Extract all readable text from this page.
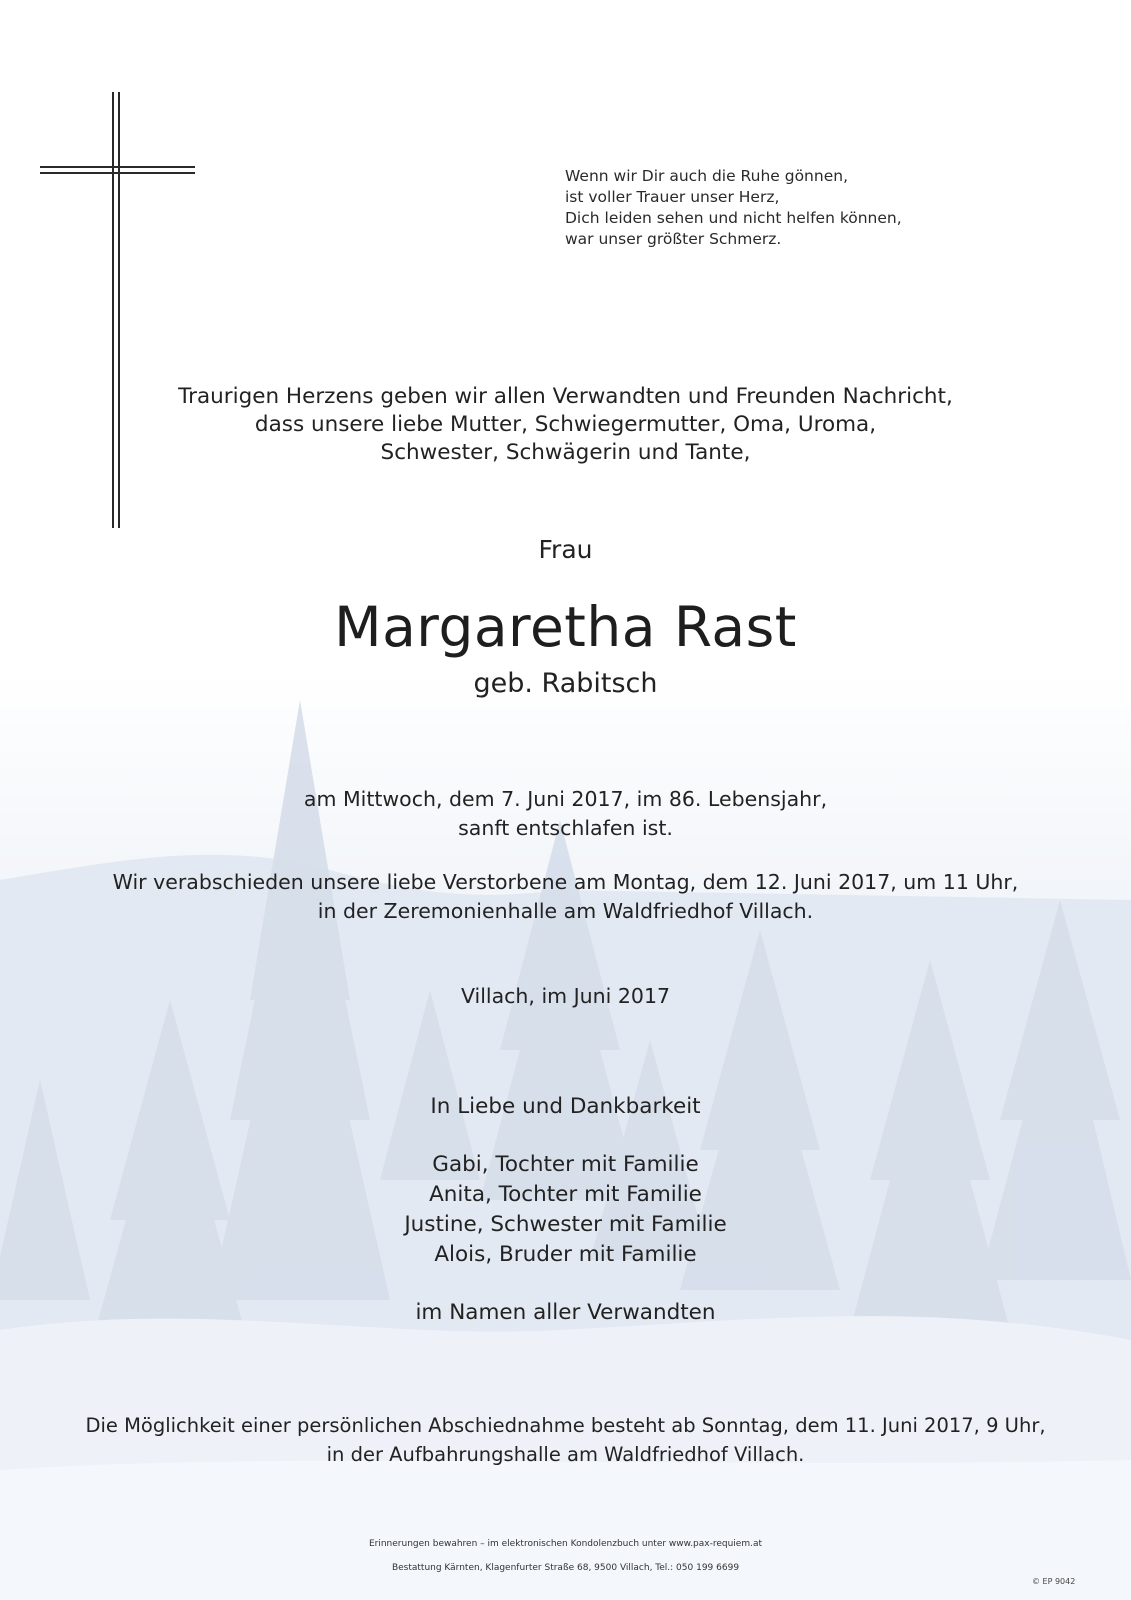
Wenn wir Dir auch die Ruhe gönnen,
ist voller Trauer unser Herz,
Dich leiden sehen und nicht helfen können,
war unser größter Schmerz.
Traurigen Herzens geben wir allen Verwandten und Freunden Nachricht,
dass unsere liebe Mutter, Schwiegermutter, Oma, Uroma,
Schwester, Schwägerin und Tante,
Frau
Margaretha Rast
geb. Rabitsch
am Mittwoch, dem 7. Juni 2017, im 86. Lebensjahr,
sanft entschlafen ist.
Wir verabschieden unsere liebe Verstorbene am Montag, dem 12. Juni 2017, um 11 Uhr,
in der Zeremonienhalle am Waldfriedhof Villach.
Villach, im Juni 2017
In Liebe und Dankbarkeit
Gabi, Tochter mit Familie
Anita, Tochter mit Familie
Justine, Schwester mit Familie
Alois, Bruder mit Familie
im Namen aller Verwandten
Die Möglichkeit einer persönlichen Abschiednahme besteht ab Sonntag, dem 11. Juni 2017, 9 Uhr,
in der Aufbahrungshalle am Waldfriedhof Villach.
Erinnerungen bewahren – im elektronischen Kondolenzbuch unter www.pax-requiem.at
Bestattung Kärnten, Klagenfurter Straße 68, 9500 Villach, Tel.: 050 199 6699
© EP 9042
